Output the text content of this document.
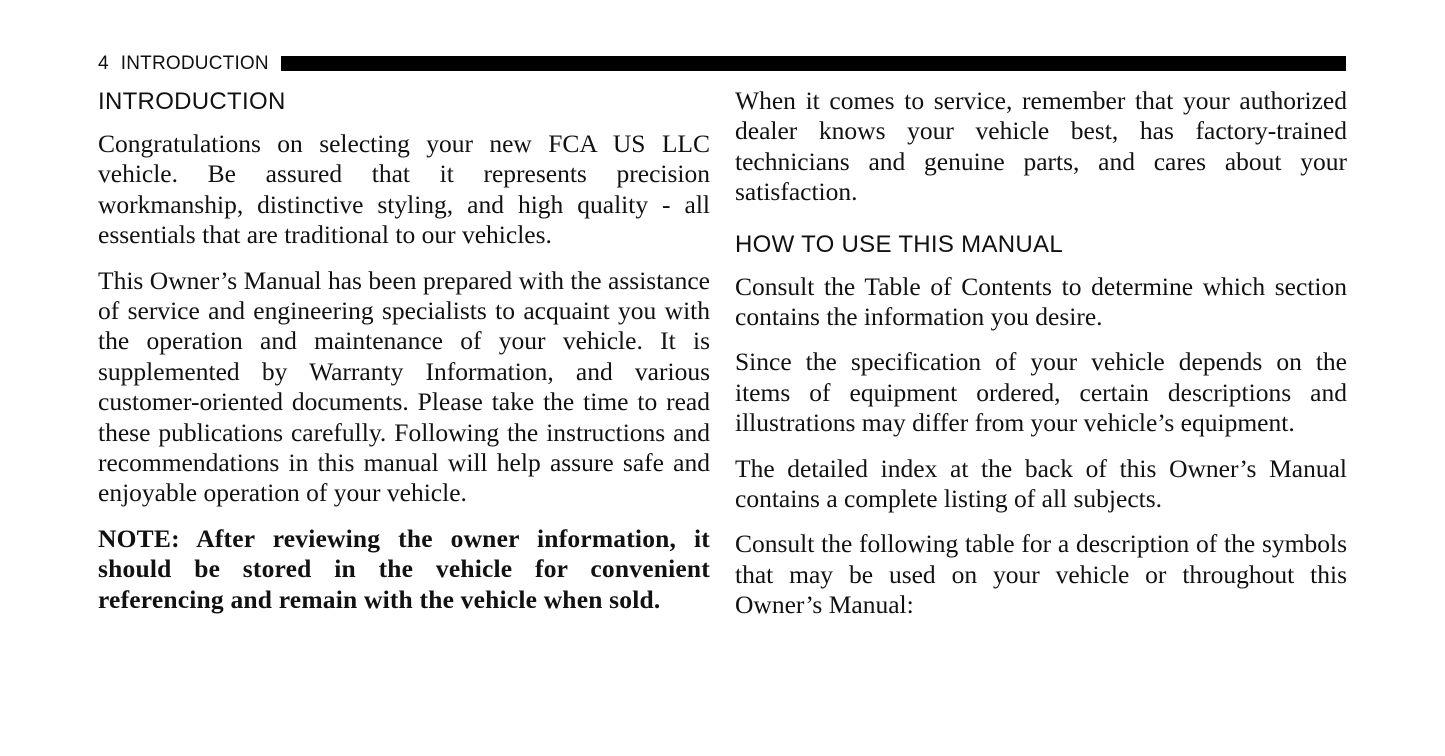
4 INTRODUCTION
INTRODUCTION

Congratulations on selecting your new FCA US LLC vehicle. Be assured that it represents precision workmanship, distinctive styling, and high quality - all essentials that are traditional to our vehicles.

This Owner’s Manual has been prepared with the assistance of service and engineering specialists to acquaint you with the operation and maintenance of your vehicle. It is supplemented by Warranty Information, and various customer-oriented documents. Please take the time to read these publications carefully. Following the instructions and recommendations in this manual will help assure safe and enjoyable operation of your vehicle.

NOTE: After reviewing the owner information, it should be stored in the vehicle for convenient referencing and remain with the vehicle when sold.

When it comes to service, remember that your authorized dealer knows your vehicle best, has factory-trained technicians and genuine parts, and cares about your satisfaction.

HOW TO USE THIS MANUAL

Consult the Table of Contents to determine which section contains the information you desire.

Since the specification of your vehicle depends on the items of equipment ordered, certain descriptions and illustrations may differ from your vehicle’s equipment.

The detailed index at the back of this Owner’s Manual contains a complete listing of all subjects.

Consult the following table for a description of the symbols that may be used on your vehicle or throughout this Owner’s Manual:
